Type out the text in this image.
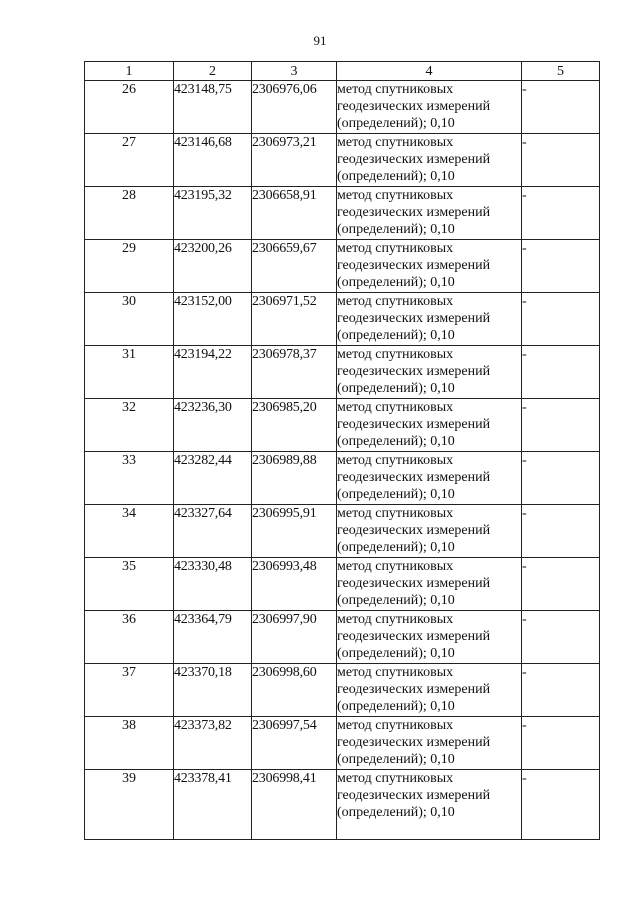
91
1	2	3	4	5
26	423148,75	2306976,06	метод спутниковых
геодезических измерений
(определений); 0,10	-
27	423146,68	2306973,21	метод спутниковых
геодезических измерений
(определений); 0,10	-
28	423195,32	2306658,91	метод спутниковых
геодезических измерений
(определений); 0,10	-
29	423200,26	2306659,67	метод спутниковых
геодезических измерений
(определений); 0,10	-
30	423152,00	2306971,52	метод спутниковых
геодезических измерений
(определений); 0,10	-
31	423194,22	2306978,37	метод спутниковых
геодезических измерений
(определений); 0,10	-
32	423236,30	2306985,20	метод спутниковых
геодезических измерений
(определений); 0,10	-
33	423282,44	2306989,88	метод спутниковых
геодезических измерений
(определений); 0,10	-
34	423327,64	2306995,91	метод спутниковых
геодезических измерений
(определений); 0,10	-
35	423330,48	2306993,48	метод спутниковых
геодезических измерений
(определений); 0,10	-
36	423364,79	2306997,90	метод спутниковых
геодезических измерений
(определений); 0,10	-
37	423370,18	2306998,60	метод спутниковых
геодезических измерений
(определений); 0,10	-
38	423373,82	2306997,54	метод спутниковых
геодезических измерений
(определений); 0,10	-
39	423378,41	2306998,41	метод спутниковых
геодезических измерений
(определений); 0,10	-
